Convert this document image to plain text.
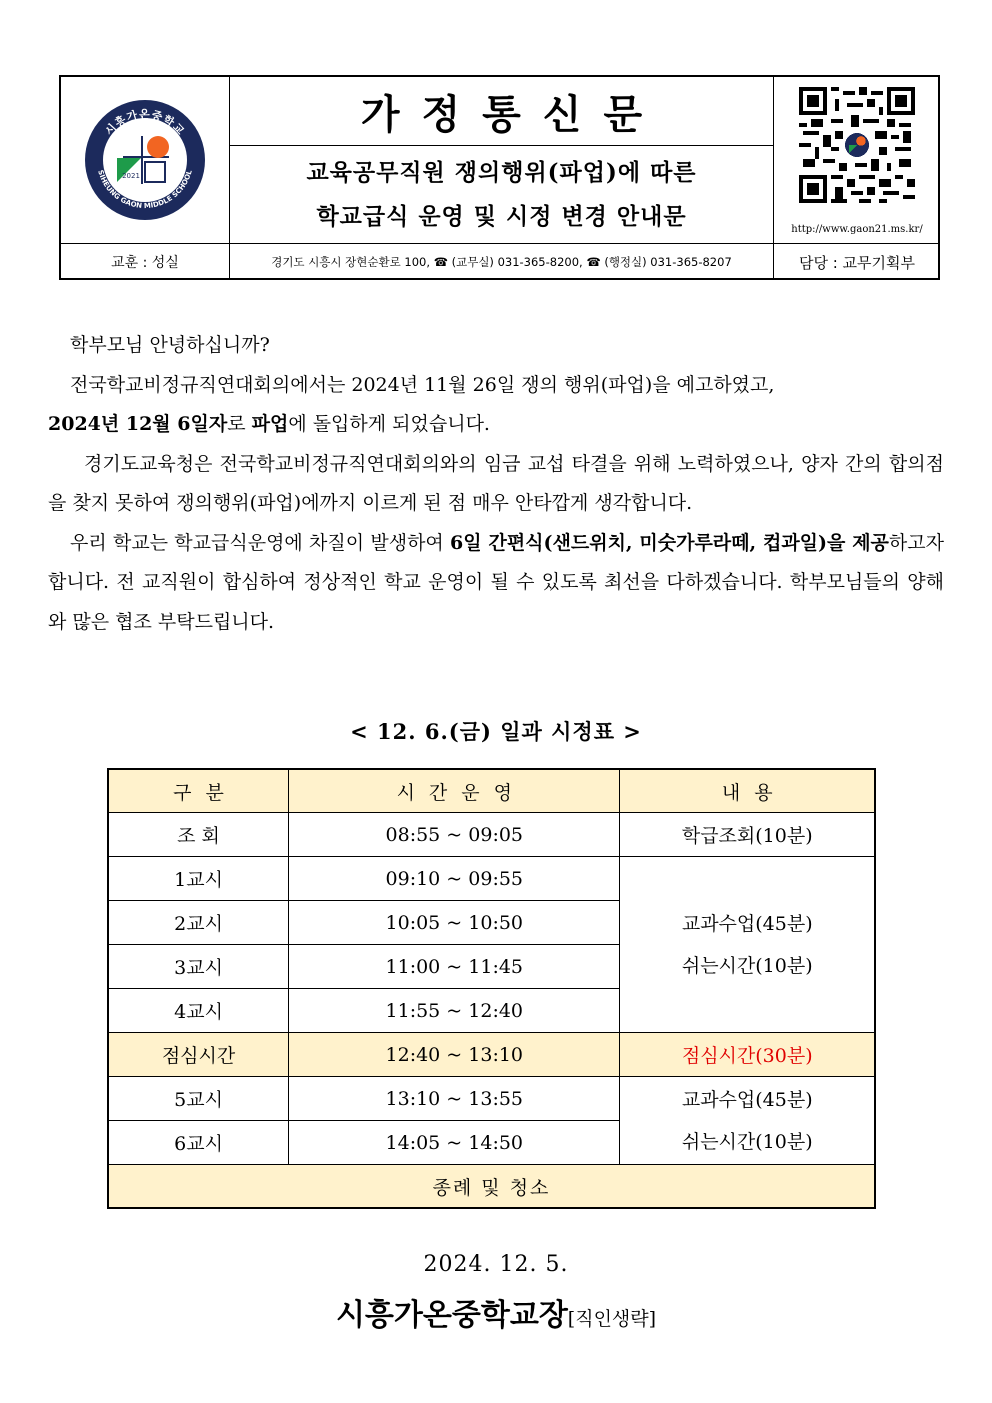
시흥가온중학교
SIHEUNG GAON MIDDLE SCHOOL
2021
가정통신문
교육공무직원 쟁의행위(파업)에 따른
학교급식 운영 및 시정 변경 안내문	http://www.gaon21.ms.kr/
교훈 : 성실	경기도 시흥시 장현순환로 100, ☎ (교무실) 031-365-8200, ☎ (행정실) 031-365-8207	담당 : 교무기획부

학부모님 안녕하십니까?

전국학교비정규직연대회의에서는 2024년 11월 26일 쟁의 행위(파업)을 예고하였고,

2024년 12월 6일자로 파업에 돌입하게 되었습니다.

경기도교육청은 전국학교비정규직연대회의와의 임금 교섭 타결을 위해 노력하였으나, 양자 간의 합의점을 찾지 못하여 쟁의행위(파업)에까지 이르게 된 점 매우 안타깝게 생각합니다.

우리 학교는 학교급식운영에 차질이 발생하여 6일 간편식(샌드위치, 미숫가루라떼, 컵과일)을 제공하고자 합니다. 전 교직원이 합심하여 정상적인 학교 운영이 될 수 있도록 최선을 다하겠습니다. 학부모님들의 양해와 많은 협조 부탁드립니다.

< 12. 6.(금) 일과 시정표 >
구분	시간운영	내용
조 회	08:55 ~ 09:05	학급조회(10분)
1교시	09:10 ~ 09:55	교과수업(45분)
쉬는시간(10분)

2교시	10:05 ~ 10:50	
3교시	11:00 ~ 11:45	
4교시	11:55 ~ 12:40	
점심시간	12:40 ~ 13:10	점심시간(30분)
5교시	13:10 ~ 13:55	교과수업(45분)
쉬는시간(10분)

6교시	14:05 ~ 14:50	
종례 및 청소		
2024. 12. 5.
시흥가온중학교장[직인생략]
